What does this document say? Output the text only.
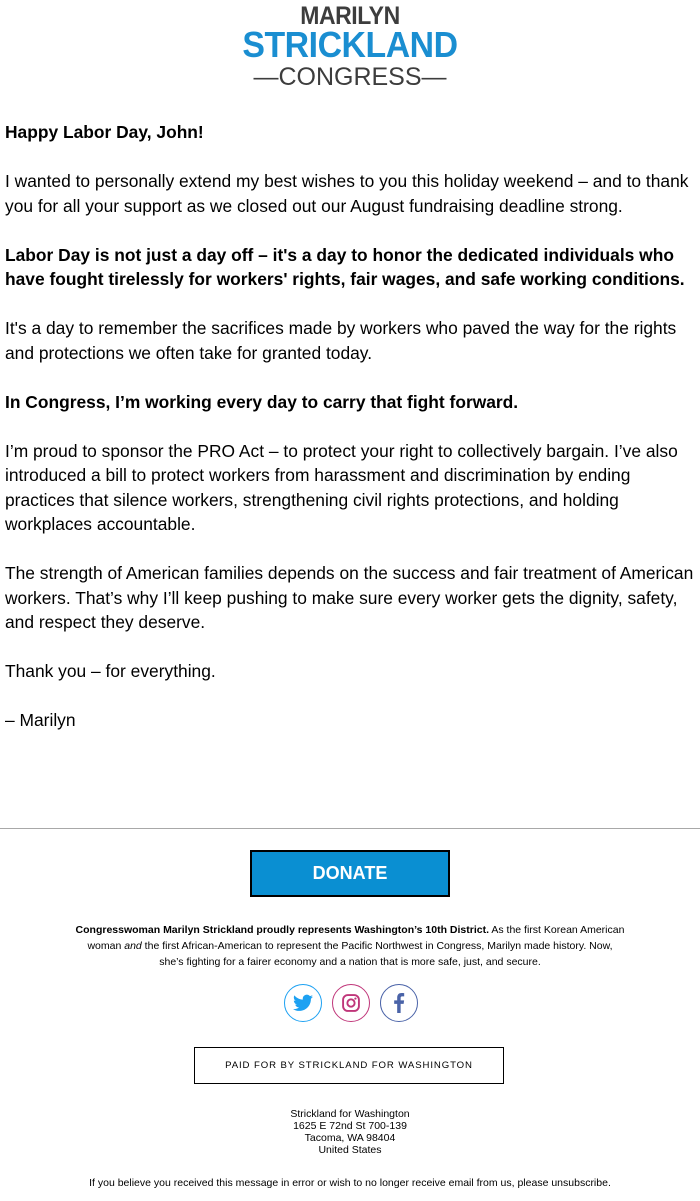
MARILYN
STRICKLAND
—CONGRESS—

Happy Labor Day, John!

I wanted to personally extend my best wishes to you this holiday weekend – and to thank you for all your support as we closed out our August fundraising deadline strong.

Labor Day is not just a day off – it's a day to honor the dedicated individuals who have fought tirelessly for workers' rights, fair wages, and safe working conditions.

It's a day to remember the sacrifices made by workers who paved the way for the rights and protections we often take for granted today.

In Congress, I’m working every day to carry that fight forward.

I’m proud to sponsor the PRO Act – to protect your right to collectively bargain. I’ve also introduced a bill to protect workers from harassment and discrimination by ending practices that silence workers, strengthening civil rights protections, and holding workplaces accountable.

The strength of American families depends on the success and fair treatment of American workers. That’s why I’ll keep pushing to make sure every worker gets the dignity, safety, and respect they deserve.

Thank you – for everything.

– Marilyn

DONATE
Congresswoman Marilyn Strickland proudly represents Washington’s 10th District. As the first Korean American woman and the first African-American to represent the Pacific Northwest in Congress, Marilyn made history. Now, she’s fighting for a fairer economy and a nation that is more safe, just, and secure.
PAID FOR BY STRICKLAND FOR WASHINGTON
Strickland for Washington
1625 E 72nd St 700-139
Tacoma, WA 98404
United States
If you believe you received this message in error or wish to no longer receive email from us, please unsubscribe.
